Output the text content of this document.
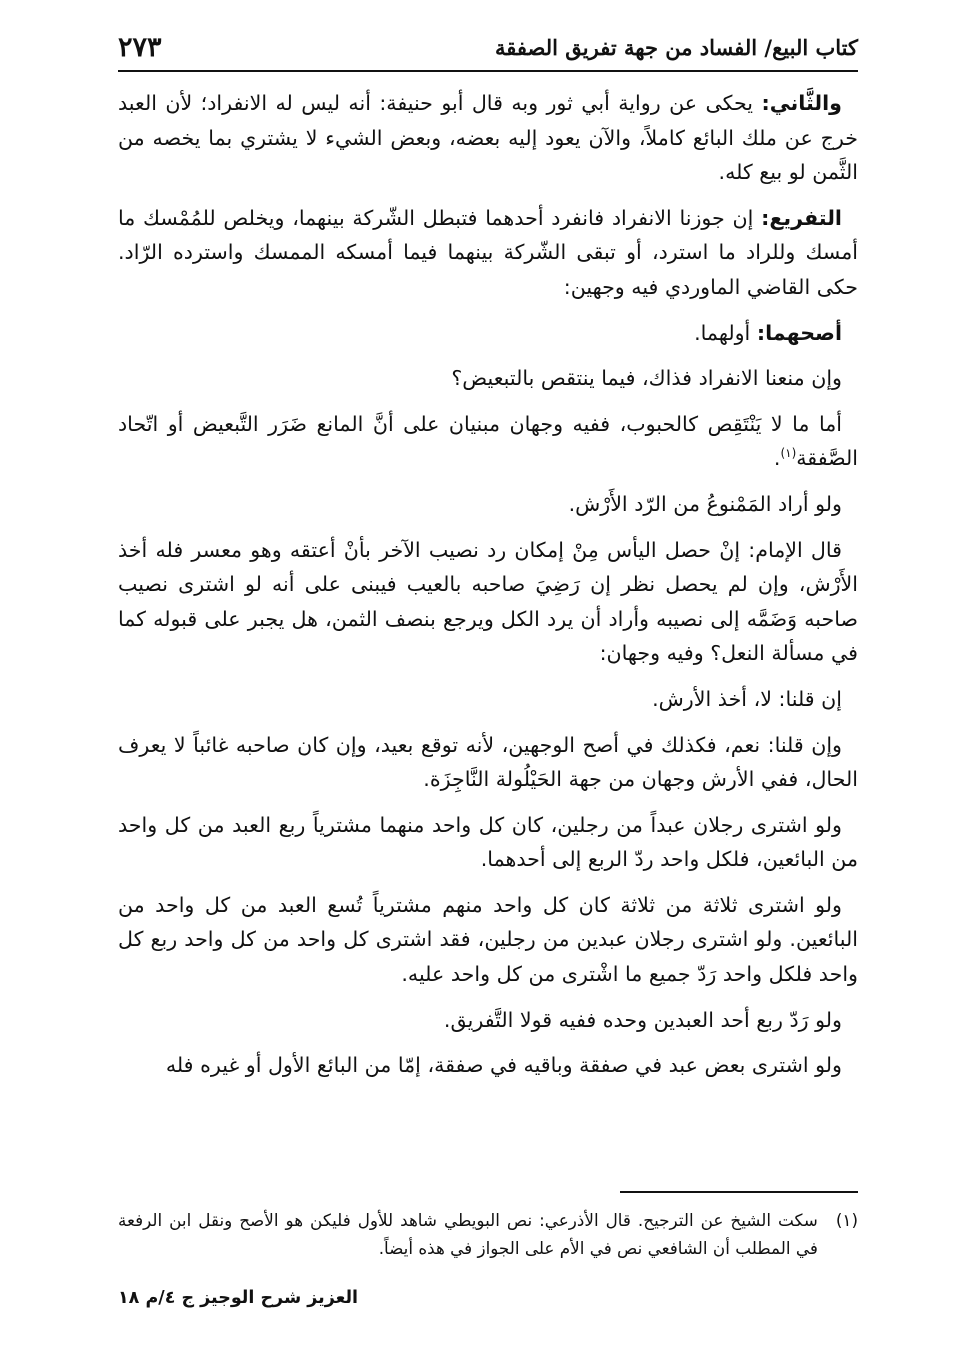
٢٧٣	كتاب البيع/ الفساد من جهة تفريق الصفقة

والثَّاني: يحكى عن رواية أبي ثور وبه قال أبو حنيفة: أنه ليس له الانفراد؛ لأن العبد خرج عن ملك البائع كاملاً، والآن يعود إليه بعضه، وبعض الشيء لا يشتري بما يخصه من الثَّمن لو بيع كله.

التفريع: إن جوزنا الانفراد فانفرد أحدهما فتبطل الشّركة بينهما، ويخلص للمُمْسك ما أمسك وللراد ما استرد، أو تبقى الشّركة بينهما فيما أمسكه الممسك واسترده الرّاد. حكى القاضي الماوردي فيه وجهين:

أصحهما: أولهما.

وإن منعنا الانفراد فذاك، فيما ينتقص بالتبعيض؟

أما ما لا يَنْتَقِص كالحبوب، ففيه وجهان مبنيان على أنَّ المانع ضَرَر التَّبعيض أو اتّحاد الصَّفقة$^{(١)}$.

ولو أراد المَمْنوعُ من الرّد الأَرْش.

قال الإمام: إنْ حصل اليأس مِنْ إمكان رد نصيب الآخر بأنْ أعتقه وهو معسر فله أخذ الأَرْش، وإن لم يحصل نظر إن رَضِيَ صاحبه بالعيب فيبنى على أنه لو اشترى نصيب صاحبه وَضَمَّه إلى نصيبه وأراد أن يرد الكل ويرجع بنصف الثمن، هل يجبر على قبوله كما في مسألة النعل؟ وفيه وجهان:

إن قلنا: لا، أخذ الأرش.

وإن قلنا: نعم، فكذلك في أصح الوجهين، لأنه توقع بعيد، وإن كان صاحبه غائباً لا يعرف الحال، ففي الأرش وجهان من جهة الحَيْلُولة النَّاجِزَة.

ولو اشترى رجلان عبداً من رجلين، كان كل واحد منهما مشترياً ربع العبد من كل واحد من البائعين، فلكل واحد ردّ الربع إلى أحدهما.

ولو اشترى ثلاثة من ثلاثة كان كل واحد منهم مشترياً تُسع العبد من كل واحد من البائعين. ولو اشترى رجلان عبدين من رجلين، فقد اشترى كل واحد من كل واحد ربع كل واحد فلكل واحد رَدّ جميع ما اشْترى من كل واحد عليه.

ولو رَدّ ربع أحد العبدين وحده ففيه قولا التَّفريق.

ولو اشترى بعض عبد في صفقة وباقيه في صفقة، إمّا من البائع الأول أو غيره فله

(١)
سكت الشيخ عن الترجيح. قال الأذرعي: نص البويطي شاهد للأول فليكن هو الأصح ونقل ابن الرفعة في المطلب أن الشافعي نص في الأم على الجواز في هذه أيضاً.
العزيز شرح الوجيز ج ٤/م ١٨
